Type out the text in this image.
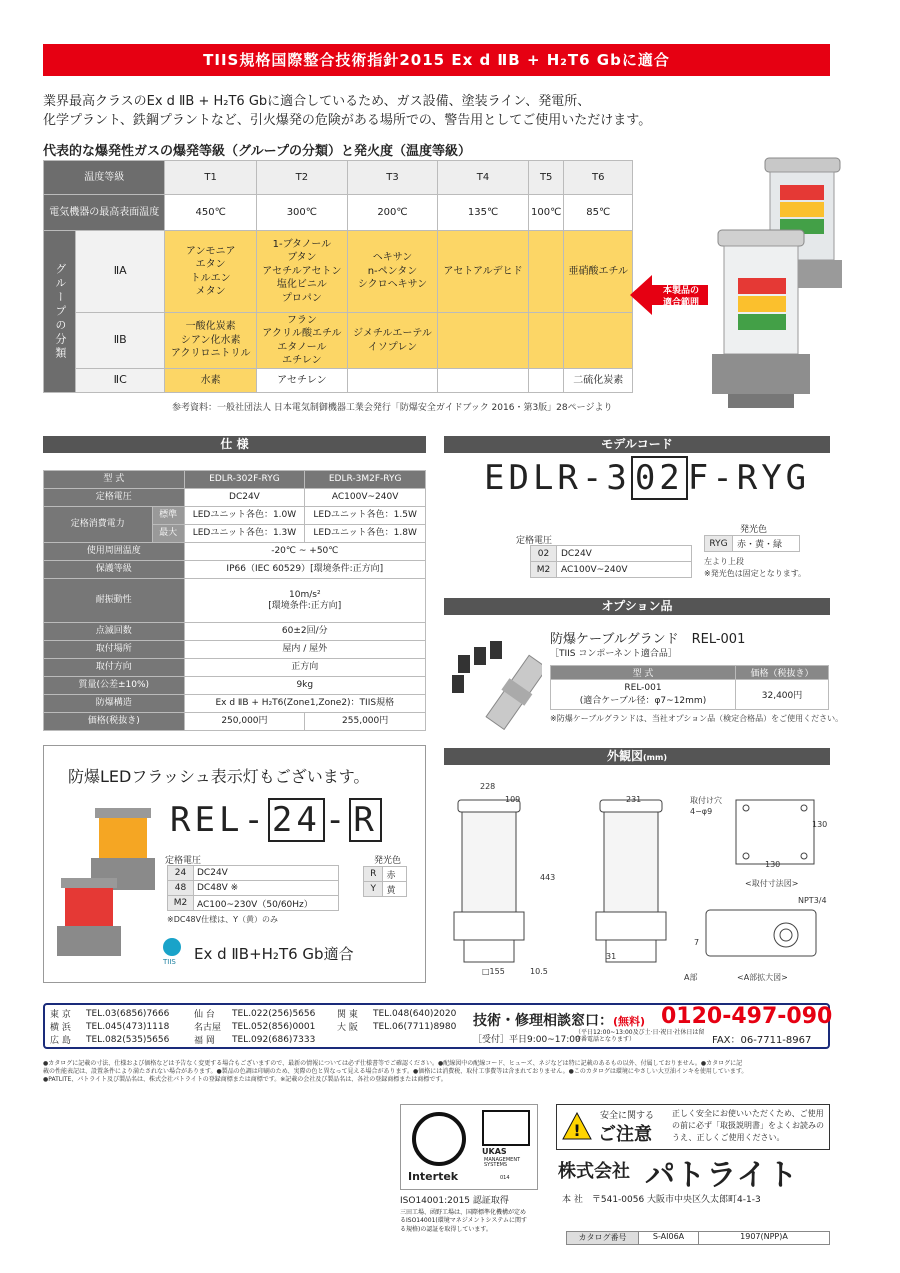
TIIS規格国際整合技術指針2015 Ex d ⅡB + H₂T6 Gbに適合
業界最高クラスのEx d ⅡB + H₂T6 Gbに適合しているため、ガス設備、塗装ライン、発電所、
化学プラント、鉄鋼プラントなど、引火爆発の危険がある場所での、警告用としてご使用いただけます。
代表的な爆発性ガスの爆発等級（グループの分類）と発火度（温度等級）
温度等級		T1	T2	T3	T4	T5	T6
電気機器の最高表面温度		450℃	300℃	200℃	135℃	100℃	85℃
グループの分類	ⅡA	アンモニア
エタン
トルエン
メタン	1-ブタノール
ブタン
アセチルアセトン
塩化ビニル
プロパン	ヘキサン
n-ペンタン
シクロヘキサン	アセトアルデヒド		亜硝酸エチル
	ⅡB	一酸化炭素
シアン化水素
アクリロニトリル	フラン
アクリル酸エチル
エタノール
エチレン	ジメチルエーテル
イソプレン			
	ⅡC	水素	アセチレン				二硫化炭素
参考資料：一般社団法人 日本電気制御機器工業会発行「防爆安全ガイドブック 2016・第3版」28ページより
本製品の
適合範囲
仕 様
型 式		EDLR-302F-RYG	EDLR-3M2F-RYG
定格電圧		DC24V	AC100V~240V
定格消費電力	標準	LEDユニット各色：1.0W	LEDユニット各色：1.5W
	最大	LEDユニット各色：1.3W	LEDユニット各色：1.8W
使用周囲温度		-20℃ ~ +50℃	
保護等級		IP66（IEC 60529）[環境条件:正方向]	
耐振動性		10m/s²
[環境条件:正方向]	
点滅回数		60±2回/分	
取付場所		屋内 / 屋外	
取付方向		正方向	
質量(公差±10%)		9kg	
防爆構造		Ex d ⅡB + H₂T6(Zone1,Zone2)：TIIS規格	
価格(税抜き)		250,000円	255,000円
モデルコード
EDLR-3 02 F-RYG
定格電圧
02	DC24V
M2	AC100V~240V
発光色
RYG	赤・黄・緑
左より上段
※発光色は固定となります。
オプション品
防爆ケーブルグランド　REL-001
［TIIS コンポーネント適合品］
型 式	価格（税抜き）
REL-001
(適合ケーブル径：φ7~12mm)	32,400円
※防爆ケーブルグランドは、当社オプション品（検定合格品）をご使用ください。
外観図(mm)
228
109	231
443
□155	10.5
31
A部
取付け穴
4−φ9
130
130
<取付寸法図>
NPT3/4
7
<A部拡大図>
防爆LEDフラッシュ表示灯もございます。
REL- 24 - R
定格電圧
24	DC24V
48	DC48V ※
M2	AC100~230V（50/60Hz）
※DC48V仕様は、Y（黄）のみ
発光色
R	赤
Y	黄
TIIS Ex d ⅡB+H₂T6 Gb適合
東 京	TEL.03(6856)7666	仙 台	TEL.022(256)5656	関 東	TEL.048(640)2020
横 浜	TEL.045(473)1118	名古屋	TEL.052(856)0001	大 阪	TEL.06(7711)8980
広 島	TEL.082(535)5656	福 岡	TEL.092(686)7333		
技術・修理相談窓口：(無料) 0120-497-090
［受付］平日9:00~17:00
（平日12:00~13:00及び土·日·祝日·社休日は留守番電話となります）	FAX：06-7711-8967
●カタログに記載の寸法、仕様および価格などは予告なく変更する場合もございますので、最新の情報については必ず仕様書等でご確認ください。●配線図中の配線コード、ヒューズ、ネジなどは特に記載のあるもの以外、付属しておりません。●カタログに記
載の性能表記は、設置条件により満たされない場合があります。●製品の色調は印刷のため、実際の色と異なって見える場合があります。●価格には消費税、取付工事費等は含まれておりません。●このカタログは環境にやさしい大豆油インキを使用しています。
●PATLITE、パトライト及び製品名は、株式会社パトライトの登録商標または商標です。※記載の会社及び製品名は、各社の登録商標または商標です。
Intertek
UKAS
MANAGEMENT
SYSTEMS
014
ISO14001:2015 認証取得
三田工場、函野工場は、国際標準化機構が定めるISO14001(環境マネジメントシステムに関する規格)の認証を取得しています。
!
安全に関する
ご注意
正しく安全にお使いいただくため、ご使用の前に必ず「取扱説明書」をよくお読みのうえ、正しくご使用ください。
株式会社 パトライト
本 社　〒541-0056 大阪市中央区久太郎町4-1-3
カタログ番号	S-AI06A	1907(NPP)A
